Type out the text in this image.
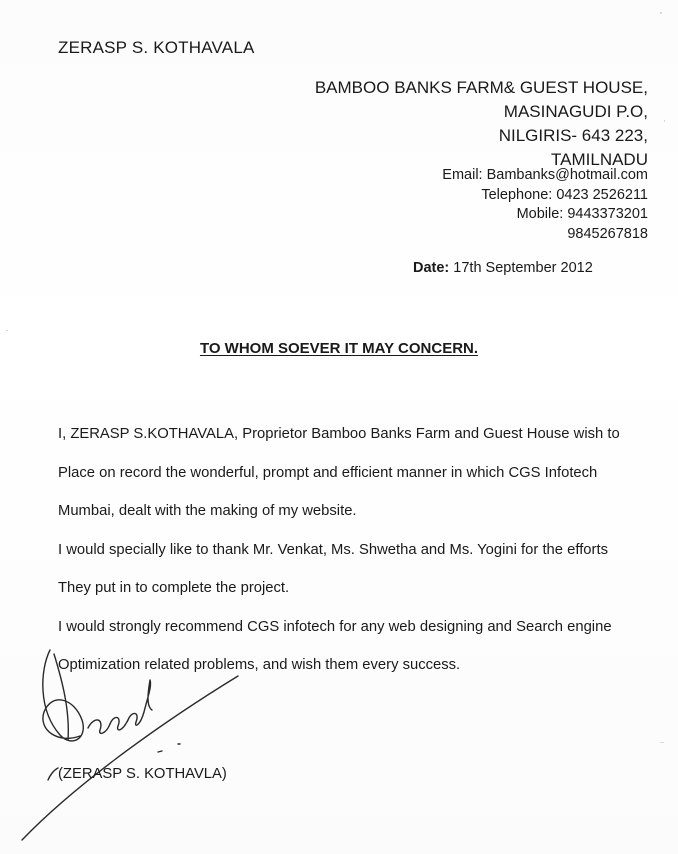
ZERASP S. KOTHAVALA
BAMBOO BANKS FARM& GUEST HOUSE,
MASINAGUDI P.O,
NILGIRIS- 643 223,
TAMILNADU
Email: Bambanks@hotmail.com
Telephone: 0423 2526211
Mobile: 9443373201
9845267818
Date: 17th September 2012
TO WHOM SOEVER IT MAY CONCERN.
I, ZERASP S.KOTHAVALA, Proprietor Bamboo Banks Farm and Guest House wish to
Place on record the wonderful, prompt and efficient manner in which CGS Infotech
Mumbai, dealt with the making of my website.
I would specially like to thank Mr. Venkat, Ms. Shwetha and Ms. Yogini for the efforts
They put in to complete the project.
I would strongly recommend CGS infotech for any web designing and Search engine
Optimization related problems, and wish them every success.
(ZERASP S. KOTHAVLA)
